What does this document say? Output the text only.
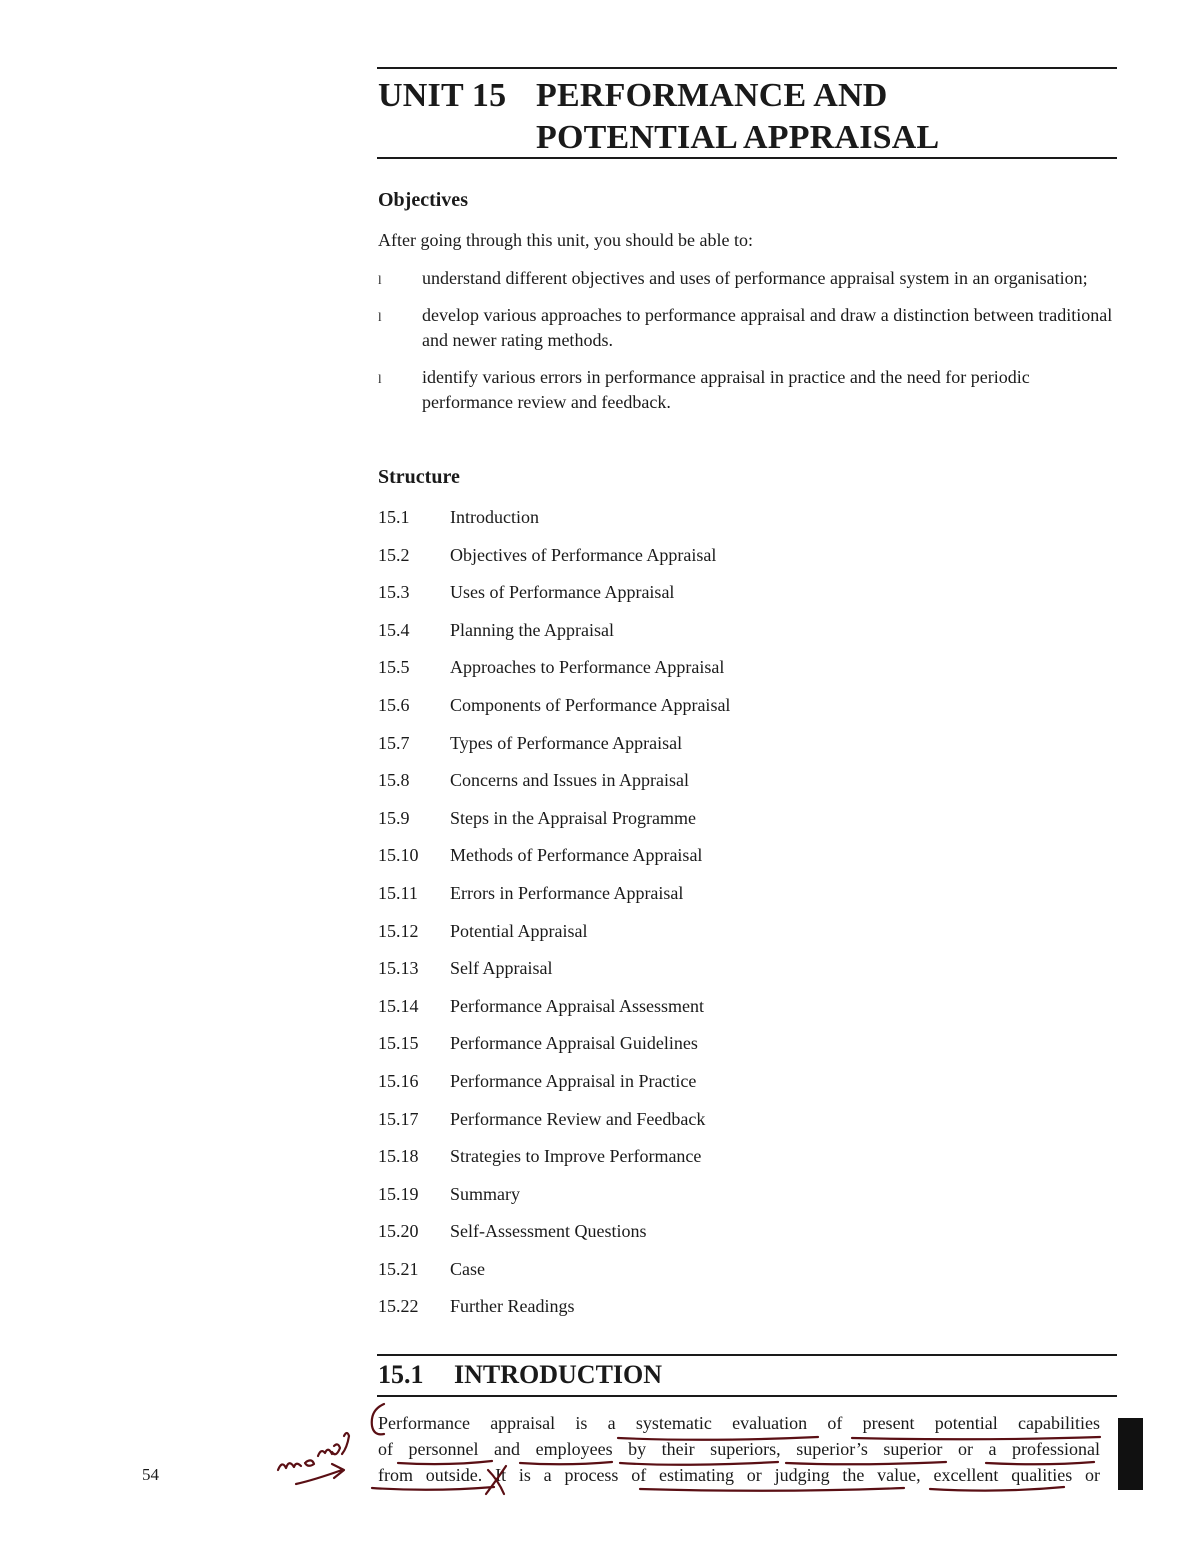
UNIT 15 PERFORMANCE AND
POTENTIAL APPRAISAL
Objectives
After going through this unit, you should be able to:
l understand different objectives and uses of performance appraisal system in an organisation;
l develop various approaches to performance appraisal and draw a distinction between traditional and newer rating methods.
l identify various errors in performance appraisal in practice and the need for periodic performance review and feedback.
Structure
15.1 Introduction
15.2 Objectives of Performance Appraisal
15.3 Uses of Performance Appraisal
15.4 Planning the Appraisal
15.5 Approaches to Performance Appraisal
15.6 Components of Performance Appraisal
15.7 Types of Performance Appraisal
15.8 Concerns and Issues in Appraisal
15.9 Steps in the Appraisal Programme
15.10 Methods of Performance Appraisal
15.11 Errors in Performance Appraisal
15.12 Potential Appraisal
15.13 Self Appraisal
15.14 Performance Appraisal Assessment
15.15 Performance Appraisal Guidelines
15.16 Performance Appraisal in Practice
15.17 Performance Review and Feedback
15.18 Strategies to Improve Performance
15.19 Summary
15.20 Self-Assessment Questions
15.21 Case
15.22 Further Readings
15.1 INTRODUCTION
Performance appraisal is a systematic evaluation of present potential capabilities
of personnel and employees by their superiors, superior’s superior or a professional
from outside. It is a process of estimating or judging the value, excellent qualities or
54
